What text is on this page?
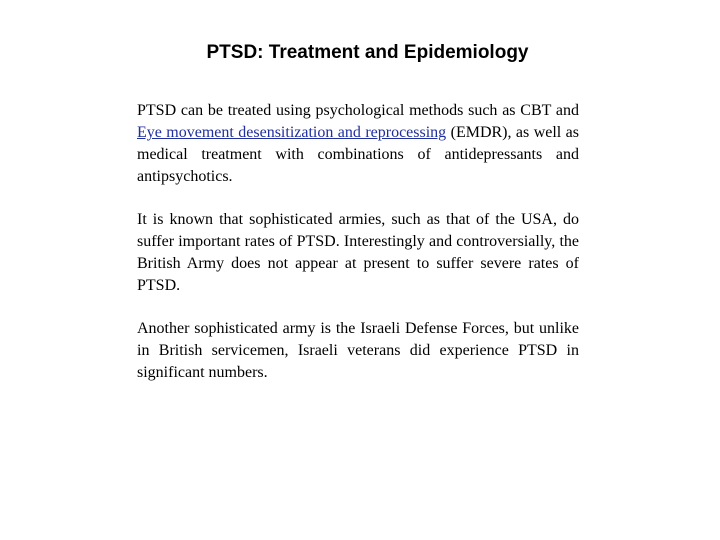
PTSD: Treatment and Epidemiology

PTSD can be treated using psychological methods such as CBT and Eye movement desensitization and reprocessing (EMDR), as well as medical treatment with combinations of antidepressants and antipsychotics.

It is known that sophisticated armies, such as that of the USA, do suffer important rates of PTSD. Interestingly and controversially, the British Army does not appear at present to suffer severe rates of PTSD.

Another sophisticated army is the Israeli Defense Forces, but unlike in British servicemen, Israeli veterans did experience PTSD in significant numbers.
